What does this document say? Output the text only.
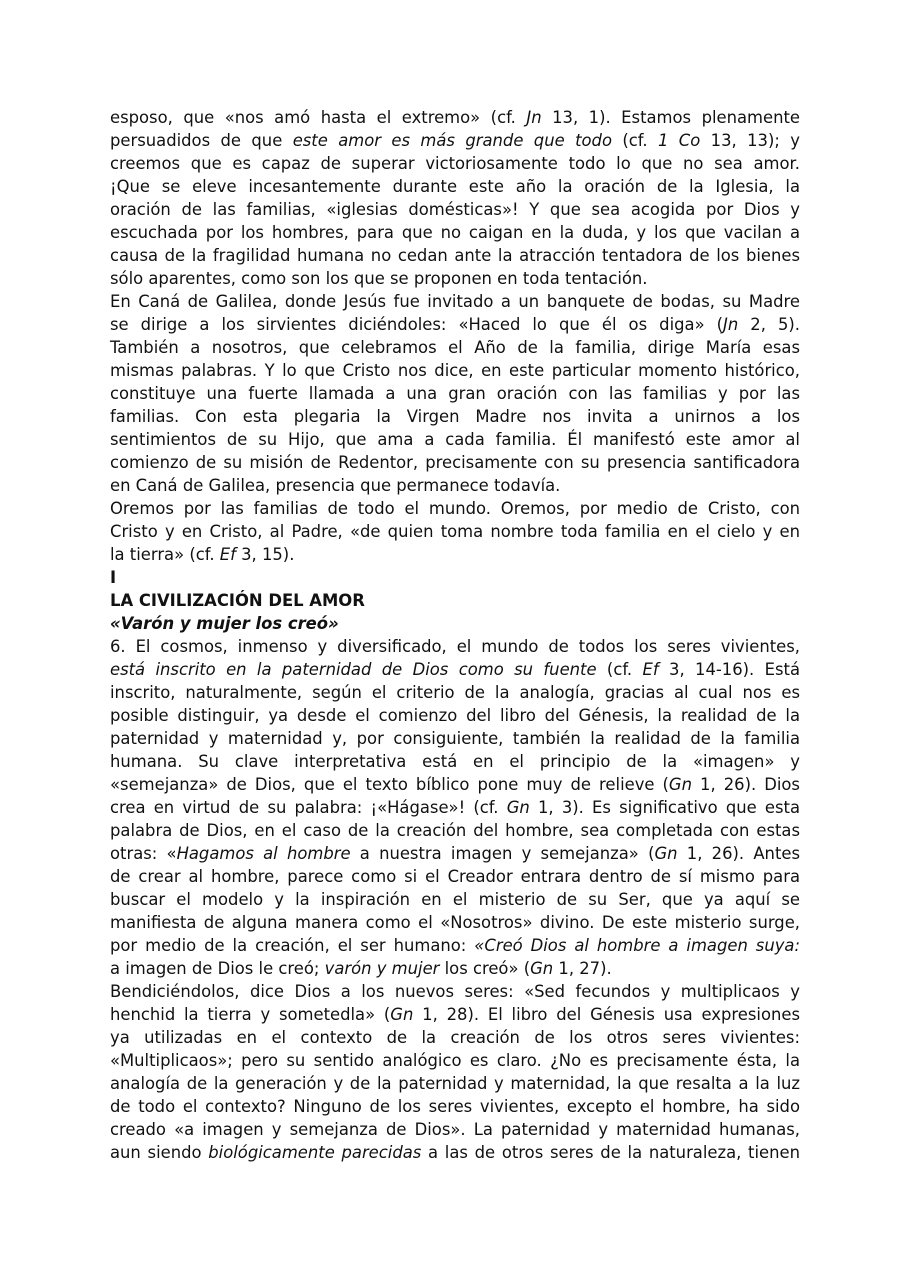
esposo, que «nos amó hasta el extremo» (cf. Jn 13, 1). Estamos plenamente
persuadidos de que este amor es más grande que todo (cf. 1 Co 13, 13); y
creemos que es capaz de superar victoriosamente todo lo que no sea amor.
¡Que se eleve incesantemente durante este año la oración de la Iglesia, la
oración de las familias, «iglesias domésticas»! Y que sea acogida por Dios y
escuchada por los hombres, para que no caigan en la duda, y los que vacilan a
causa de la fragilidad humana no cedan ante la atracción tentadora de los bienes
sólo aparentes, como son los que se proponen en toda tentación.
En Caná de Galilea, donde Jesús fue invitado a un banquete de bodas, su Madre
se dirige a los sirvientes diciéndoles: «Haced lo que él os diga» (Jn 2, 5).
También a nosotros, que celebramos el Año de la familia, dirige María esas
mismas palabras. Y lo que Cristo nos dice, en este particular momento histórico,
constituye una fuerte llamada a una gran oración con las familias y por las
familias. Con esta plegaria la Virgen Madre nos invita a unirnos a los
sentimientos de su Hijo, que ama a cada familia. Él manifestó este amor al
comienzo de su misión de Redentor, precisamente con su presencia santificadora
en Caná de Galilea, presencia que permanece todavía.
Oremos por las familias de todo el mundo. Oremos, por medio de Cristo, con
Cristo y en Cristo, al Padre, «de quien toma nombre toda familia en el cielo y en
la tierra» (cf. Ef 3, 15).
I
LA CIVILIZACIÓN DEL AMOR
«Varón y mujer los creó»
6. El cosmos, inmenso y diversificado, el mundo de todos los seres vivientes,
está inscrito en la paternidad de Dios como su fuente (cf. Ef 3, 14-16). Está
inscrito, naturalmente, según el criterio de la analogía, gracias al cual nos es
posible distinguir, ya desde el comienzo del libro del Génesis, la realidad de la
paternidad y maternidad y, por consiguiente, también la realidad de la familia
humana. Su clave interpretativa está en el principio de la «imagen» y
«semejanza» de Dios, que el texto bíblico pone muy de relieve (Gn 1, 26). Dios
crea en virtud de su palabra: ¡«Hágase»! (cf. Gn 1, 3). Es significativo que esta
palabra de Dios, en el caso de la creación del hombre, sea completada con estas
otras: «Hagamos al hombre a nuestra imagen y semejanza» (Gn 1, 26). Antes
de crear al hombre, parece como si el Creador entrara dentro de sí mismo para
buscar el modelo y la inspiración en el misterio de su Ser, que ya aquí se
manifiesta de alguna manera como el «Nosotros» divino. De este misterio surge,
por medio de la creación, el ser humano: «Creó Dios al hombre a imagen suya:
a imagen de Dios le creó; varón y mujer los creó» (Gn 1, 27).
Bendiciéndolos, dice Dios a los nuevos seres: «Sed fecundos y multiplicaos y
henchid la tierra y sometedla» (Gn 1, 28). El libro del Génesis usa expresiones
ya utilizadas en el contexto de la creación de los otros seres vivientes:
«Multiplicaos»; pero su sentido analógico es claro. ¿No es precisamente ésta, la
analogía de la generación y de la paternidad y maternidad, la que resalta a la luz
de todo el contexto? Ninguno de los seres vivientes, excepto el hombre, ha sido
creado «a imagen y semejanza de Dios». La paternidad y maternidad humanas,
aun siendo biológicamente parecidas a las de otros seres de la naturaleza, tienen
